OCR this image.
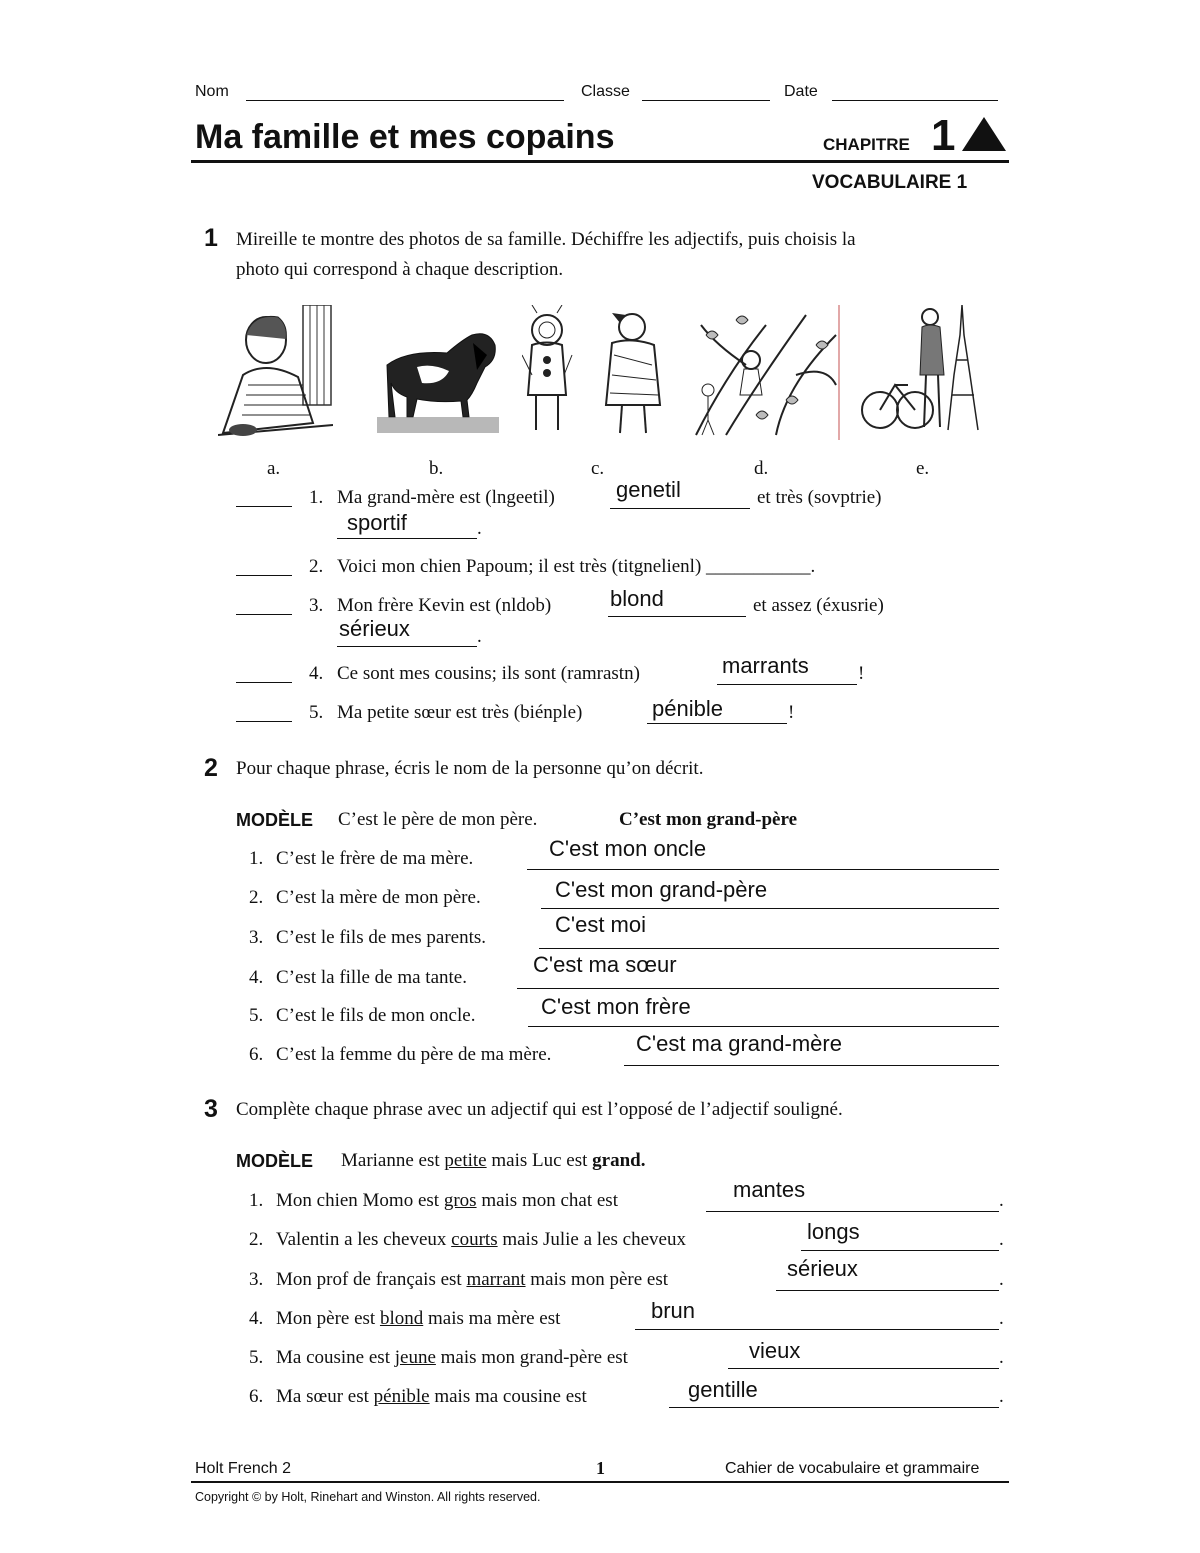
Nom	Classe	Date
Ma famille et mes copains	CHAPITRE 1
VOCABULAIRE 1
1 Mireille te montre des photos de sa famille. Déchiffre les adjectifs, puis choisis la
photo qui correspond à chaque description.
a.	b.	c.	d.	e.
1. Ma grand-mère est (lngeetil)	genetil	et très (sovptrie)
sportif	.
2. Voici mon chien Papoum; il est très (titgnelienl) ___________.
3. Mon frère Kevin est (nldob)	blond	et assez (éxusrie)
sérieux	.
4. Ce sont mes cousins; ils sont (ramrastn)	marrants	!
5. Ma petite sœur est très (biénple)	pénible	!
2 Pour chaque phrase, écris le nom de la personne qu’on décrit.
MODÈLE C’est le père de mon père.	C’est mon grand-père
1. C’est le frère de ma mère.	C'est mon oncle
2. C’est la mère de mon père.	C'est mon grand-père
3. C’est le fils de mes parents.
C'est moi
4. C’est la fille de ma tante.
C'est ma sœur
5. C’est le fils de mon oncle.	C'est mon frère
6. C’est la femme du père de ma mère.	C'est ma grand-mère
3 Complète chaque phrase avec un adjectif qui est l’opposé de l’adjectif souligné.
MODÈLE Marianne est petite mais Luc est grand.
1. Mon chien Momo est gros mais mon chat est	mantes	.
2. Valentin a les cheveux courts mais Julie a les cheveux	longs	.
3. Mon prof de français est marrant mais mon père est	sérieux	.
4. Mon père est blond mais ma mère est	brun	.
5. Ma cousine est jeune mais mon grand-père est	vieux	.
6. Ma sœur est pénible mais ma cousine est	gentille	.
Holt French 2	1	Cahier de vocabulaire et grammaire
Copyright © by Holt, Rinehart and Winston. All rights reserved.
